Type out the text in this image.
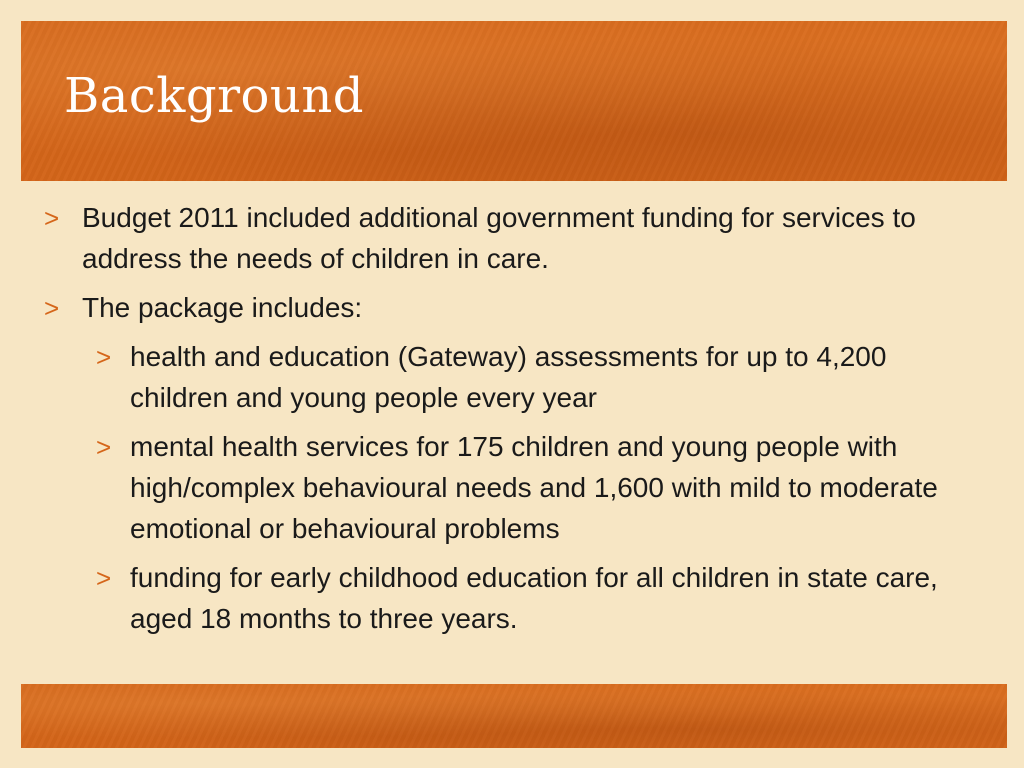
Background
> Budget 2011 included additional government funding for services to address the needs of children in care.
> The package includes:
> health and education (Gateway) assessments for up to 4,200 children and young people every year
> mental health services for 175 children and young people with high/complex behavioural needs and 1,600 with mild to moderate emotional or behavioural problems
> funding for early childhood education for all children in state care, aged 18 months to three years.
